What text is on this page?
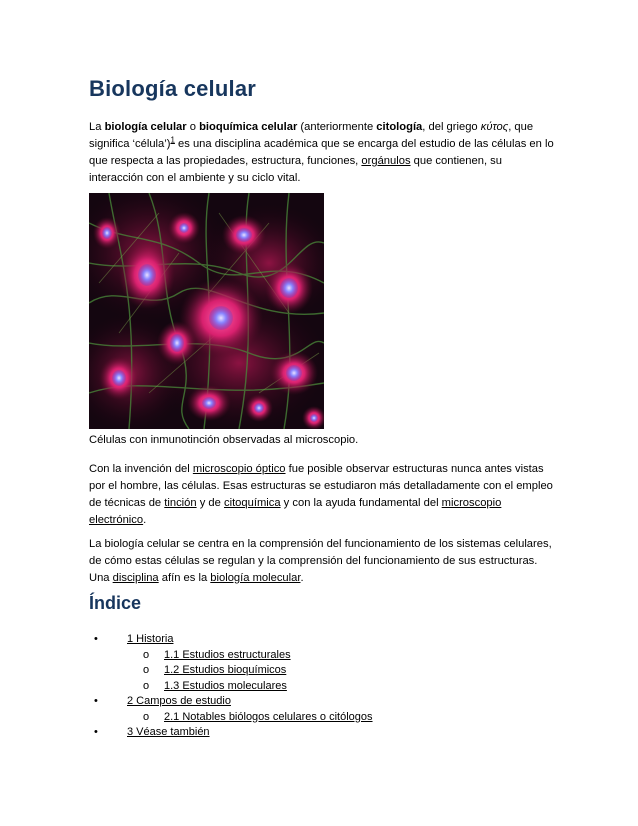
Biología celular

La biología celular o bioquímica celular (anteriormente citología, del griego κύτος, que significa ‘célula’)$^1$ es una disciplina académica que se encarga del estudio de las células en lo que respecta a las propiedades, estructura, funciones, orgánulos que contienen, su interacción con el ambiente y su ciclo vital.

Células con inmunotinción observadas al microscopio.

Con la invención del microscopio óptico fue posible observar estructuras nunca antes vistas por el hombre, las células. Esas estructuras se estudiaron más detalladamente con el empleo de técnicas de tinción y de citoquímica y con la ayuda fundamental del microscopio electrónico.

La biología celular se centra en la comprensión del funcionamiento de los sistemas celulares, de cómo estas células se regulan y la comprensión del funcionamiento de sus estructuras. Una disciplina afín es la biología molecular.

Índice
•	1 Historia
o 1.1 Estudios estructurales
o 1.2 Estudios bioquímicos
o 1.3 Estudios moleculares
•	2 Campos de estudio
o 2.1 Notables biólogos celulares o citólogos
•	3 Véase también
